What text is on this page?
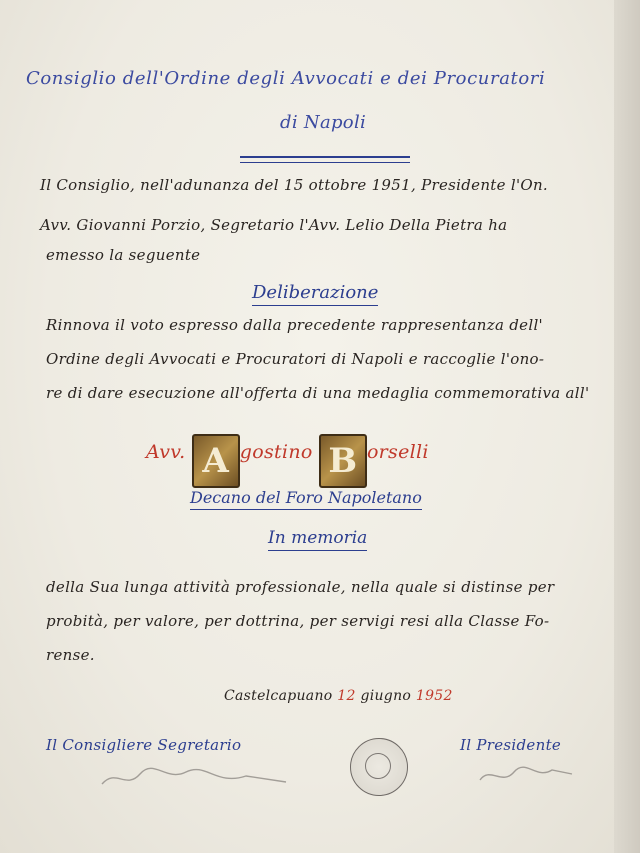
Consiglio dell'Ordine degli Avvocati e dei Procuratori
di Napoli
Il Consiglio, nell'adunanza del 15 ottobre 1951, Presidente l'On.
Avv. Giovanni Porzio, Segretario l'Avv. Lelio Della Pietra ha
emesso la seguente
Deliberazione
Rinnova il voto espresso dalla precedente rappresentanza dell'
Ordine degli Avvocati e Procuratori di Napoli e raccoglie l'ono-
re di dare esecuzione all'offerta di una medaglia commemorativa all'
Avv. A gostino B orselli
Decano del Foro Napoletano
In memoria
della Sua lunga attività professionale, nella quale si distinse per
probità, per valore, per dottrina, per servigi resi alla Classe Fo-
rense.
Castelcapuano 12 giugno 1952
Il Consigliere Segretario	Il Presidente
